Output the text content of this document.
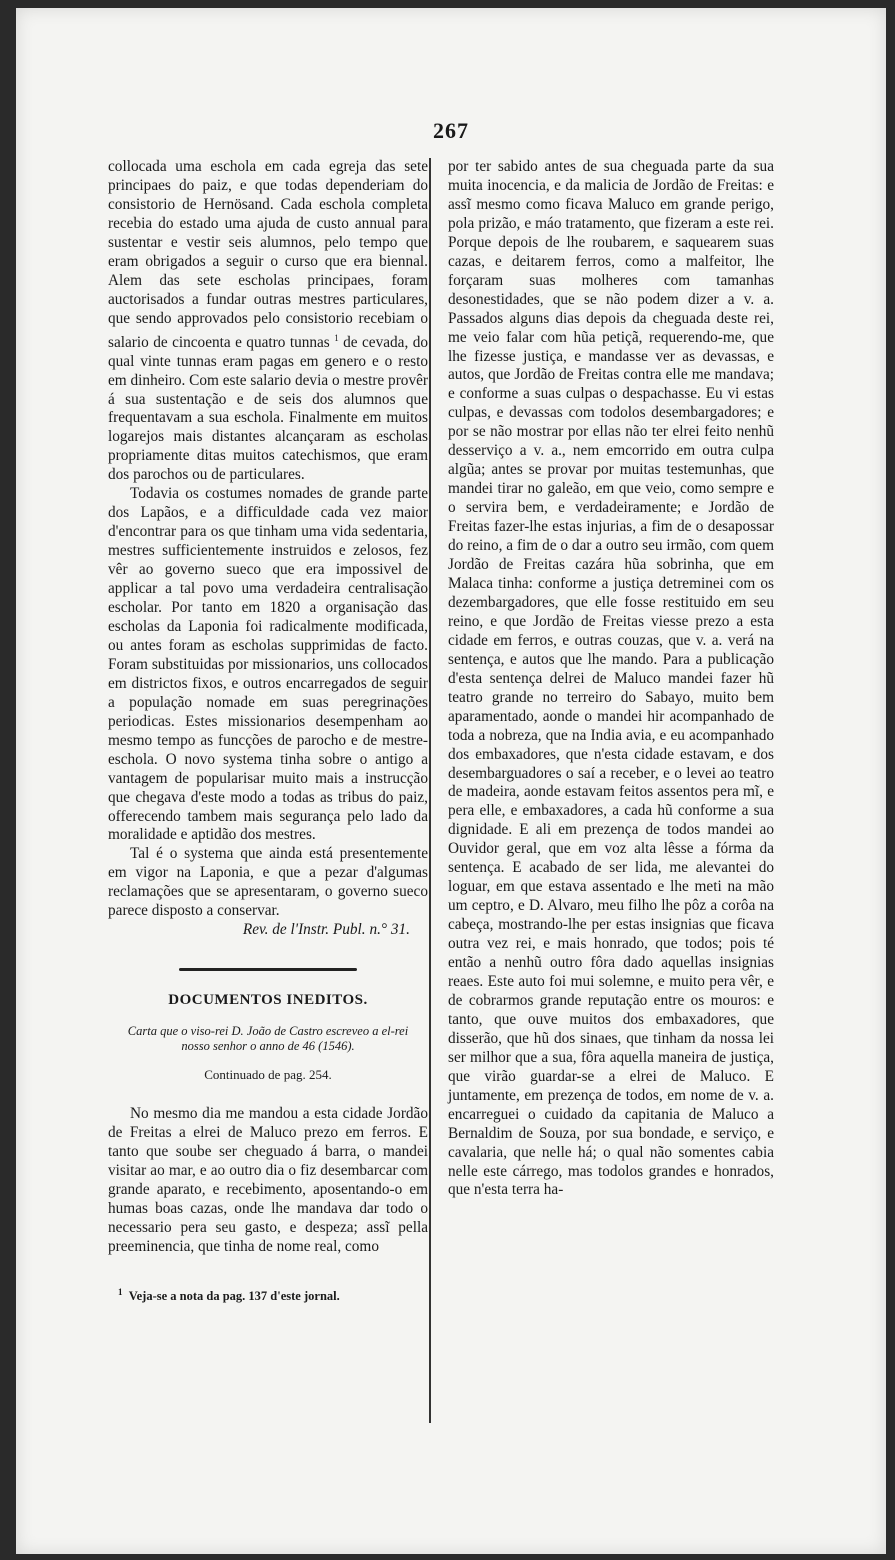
267

collocada uma eschola em cada egreja das sete principaes do paiz, e que todas dependeriam do consistorio de Hernösand. Cada eschola completa recebia do estado uma ajuda de custo annual para sustentar e vestir seis alumnos, pelo tempo que eram obrigados a seguir o curso que era biennal. Alem das sete escholas principaes, foram auctorisados a fundar outras mestres particulares, que sendo approvados pelo consistorio recebiam o salario de cincoenta e quatro tunnas $^1$ de cevada, do qual vinte tunnas eram pagas em genero e o resto em dinheiro. Com este salario devia o mestre provêr á sua sustentação e de seis dos alumnos que frequentavam a sua eschola. Finalmente em muitos logarejos mais distantes alcançaram as escholas propriamente ditas muitos catechismos, que eram dos parochos ou de particulares.

Todavia os costumes nomades de grande parte dos Lapãos, e a difficuldade cada vez maior d'encontrar para os que tinham uma vida sedentaria, mestres sufficientemente instruidos e zelosos, fez vêr ao governo sueco que era impossivel de applicar a tal povo uma verdadeira centralisação escholar. Por tanto em 1820 a organisação das escholas da Laponia foi radicalmente modificada, ou antes foram as escholas supprimidas de facto. Foram substituidas por missionarios, uns collocados em districtos fixos, e outros encarregados de seguir a população nomade em suas peregrinações periodicas. Estes missionarios desempenham ao mesmo tempo as funcções de parocho e de mestre-eschola. O novo systema tinha sobre o antigo a vantagem de popularisar muito mais a instrucção que chegava d'este modo a todas as tribus do paiz, offerecendo tambem mais segurança pelo lado da moralidade e aptidão dos mestres.

Tal é o systema que ainda está presentemente em vigor na Laponia, e que a pezar d'algumas reclamações que se apresentaram, o governo sueco parece disposto a conservar.

Rev. de l'Instr. Publ. n.° 31.

DOCUMENTOS INEDITOS.
Carta que o viso-rei D. João de Castro escreveo a el-rei nosso senhor o anno de 46 (1546).
Continuado de pag. 254.

No mesmo dia me mandou a esta cidade Jordão de Freitas a elrei de Maluco prezo em ferros. E tanto que soube ser cheguado á barra, o mandei visitar ao mar, e ao outro dia o fiz desembarcar com grande aparato, e recebimento, aposentando-o em humas boas cazas, onde lhe mandava dar todo o necessario pera seu gasto, e despeza; assĩ pella preeminencia, que tinha de nome real, como

$^1$ Veja-se a nota da pag. 137 d'este jornal.

por ter sabido antes de sua cheguada parte da sua muita inocencia, e da malicia de Jordão de Freitas: e assĩ mesmo como ficava Maluco em grande perigo, pola prizão, e máo tratamento, que fizeram a este rei. Porque depois de lhe roubarem, e saquearem suas cazas, e deitarem ferros, como a malfeitor, lhe forçaram suas molheres com tamanhas desonestidades, que se não podem dizer a v. a. Passados alguns dias depois da cheguada deste rei, me veio falar com hũa petiçã, requerendo-me, que lhe fizesse justiça, e mandasse ver as devassas, e autos, que Jordão de Freitas contra elle me mandava; e conforme a suas culpas o despachasse. Eu vi estas culpas, e devassas com todolos desembargadores; e por se não mostrar por ellas não ter elrei feito nenhũ desserviço a v. a., nem emcorrido em outra culpa algũa; antes se provar por muitas testemunhas, que mandei tirar no galeão, em que veio, como sempre e o servira bem, e verdadeiramente; e Jordão de Freitas fazer-lhe estas injurias, a fim de o desapossar do reino, a fim de o dar a outro seu irmão, com quem Jordão de Freitas cazára hũa sobrinha, que em Malaca tinha: conforme a justiça detreminei com os dezembargadores, que elle fosse restituido em seu reino, e que Jordão de Freitas viesse prezo a esta cidade em ferros, e outras couzas, que v. a. verá na sentença, e autos que lhe mando. Para a publicação d'esta sentença delrei de Maluco mandei fazer hũ teatro grande no terreiro do Sabayo, muito bem aparamentado, aonde o mandei hir acompanhado de toda a nobreza, que na India avia, e eu acompanhado dos embaxadores, que n'esta cidade estavam, e dos desembarguadores o saí a receber, e o levei ao teatro de madeira, aonde estavam feitos assentos pera mĩ, e pera elle, e embaxadores, a cada hũ conforme a sua dignidade. E ali em prezença de todos mandei ao Ouvidor geral, que em voz alta lêsse a fórma da sentença. E acabado de ser lida, me alevantei do loguar, em que estava assentado e lhe meti na mão um ceptro, e D. Alvaro, meu filho lhe pôz a corôa na cabeça, mostrando-lhe per estas insignias que ficava outra vez rei, e mais honrado, que todos; pois té então a nenhũ outro fôra dado aquellas insignias reaes. Este auto foi mui solemne, e muito pera vêr, e de cobrarmos grande reputação entre os mouros: e tanto, que ouve muitos dos embaxadores, que disserão, que hũ dos sinaes, que tinham da nossa lei ser milhor que a sua, fôra aquella maneira de justiça, que virão guardar-se a elrei de Maluco. E juntamente, em prezença de todos, em nome de v. a. encarreguei o cuidado da capitania de Maluco a Bernaldim de Souza, por sua bondade, e serviço, e cavalaria, que nelle há; o qual não somentes cabia nelle este cárrego, mas todolos grandes e honrados, que n'esta terra ha-
